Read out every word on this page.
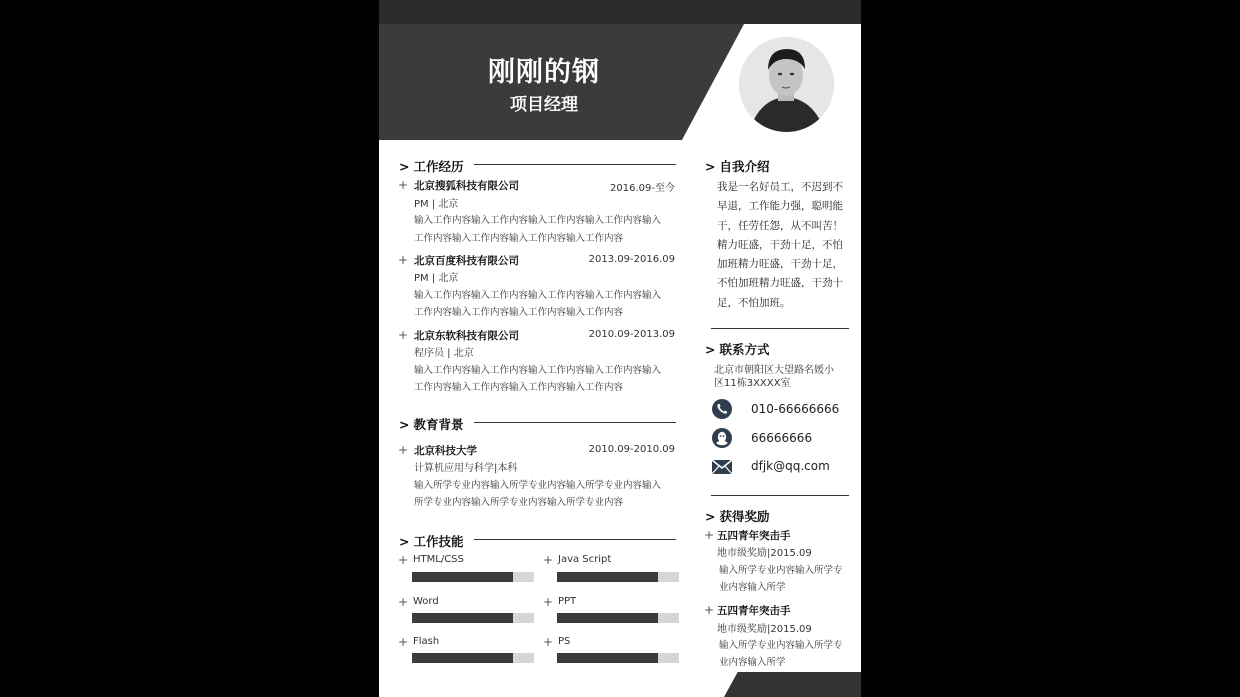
刚刚的钢
项目经理
> 工作经历
+ 北京搜狐科技有限公司	2016.09-至今
PM | 北京
输入工作内容输入工作内容输入工作内容输入工作内容输入
工作内容输入工作内容输入工作内容输入工作内容
+ 北京百度科技有限公司	2013.09-2016.09
PM | 北京
输入工作内容输入工作内容输入工作内容输入工作内容输入
工作内容输入工作内容输入工作内容输入工作内容
+ 北京东软科技有限公司	2010.09-2013.09
程序员 | 北京
输入工作内容输入工作内容输入工作内容输入工作内容输入
工作内容输入工作内容输入工作内容输入工作内容
> 教育背景
+ 北京科技大学	2010.09-2010.09
计算机应用与科学|本科
输入所学专业内容输入所学专业内容输入所学专业内容输入
所学专业内容输入所学专业内容输入所学专业内容
> 工作技能
+ HTML/CSS	+ Java Script
+ Word	+ PPT
+ Flash	+ PS
> 自我介绍
我是一名好员工，不迟到不
早退，工作能力强，聪明能
干，任劳任怨，从不叫苦！
精力旺盛，干劲十足，不怕
加班精力旺盛，干劲十足，
不怕加班精力旺盛，干劲十
足，不怕加班。
> 联系方式
北京市朝阳区大望路名媛小
区11栋3XXXX室
010-66666666
66666666
dfjk@qq.com
> 获得奖励
+ 五四青年突击手
地市级奖励|2015.09
输入所学专业内容输入所学专
业内容输入所学
+ 五四青年突击手
地市级奖励|2015.09
输入所学专业内容输入所学专
业内容输入所学
